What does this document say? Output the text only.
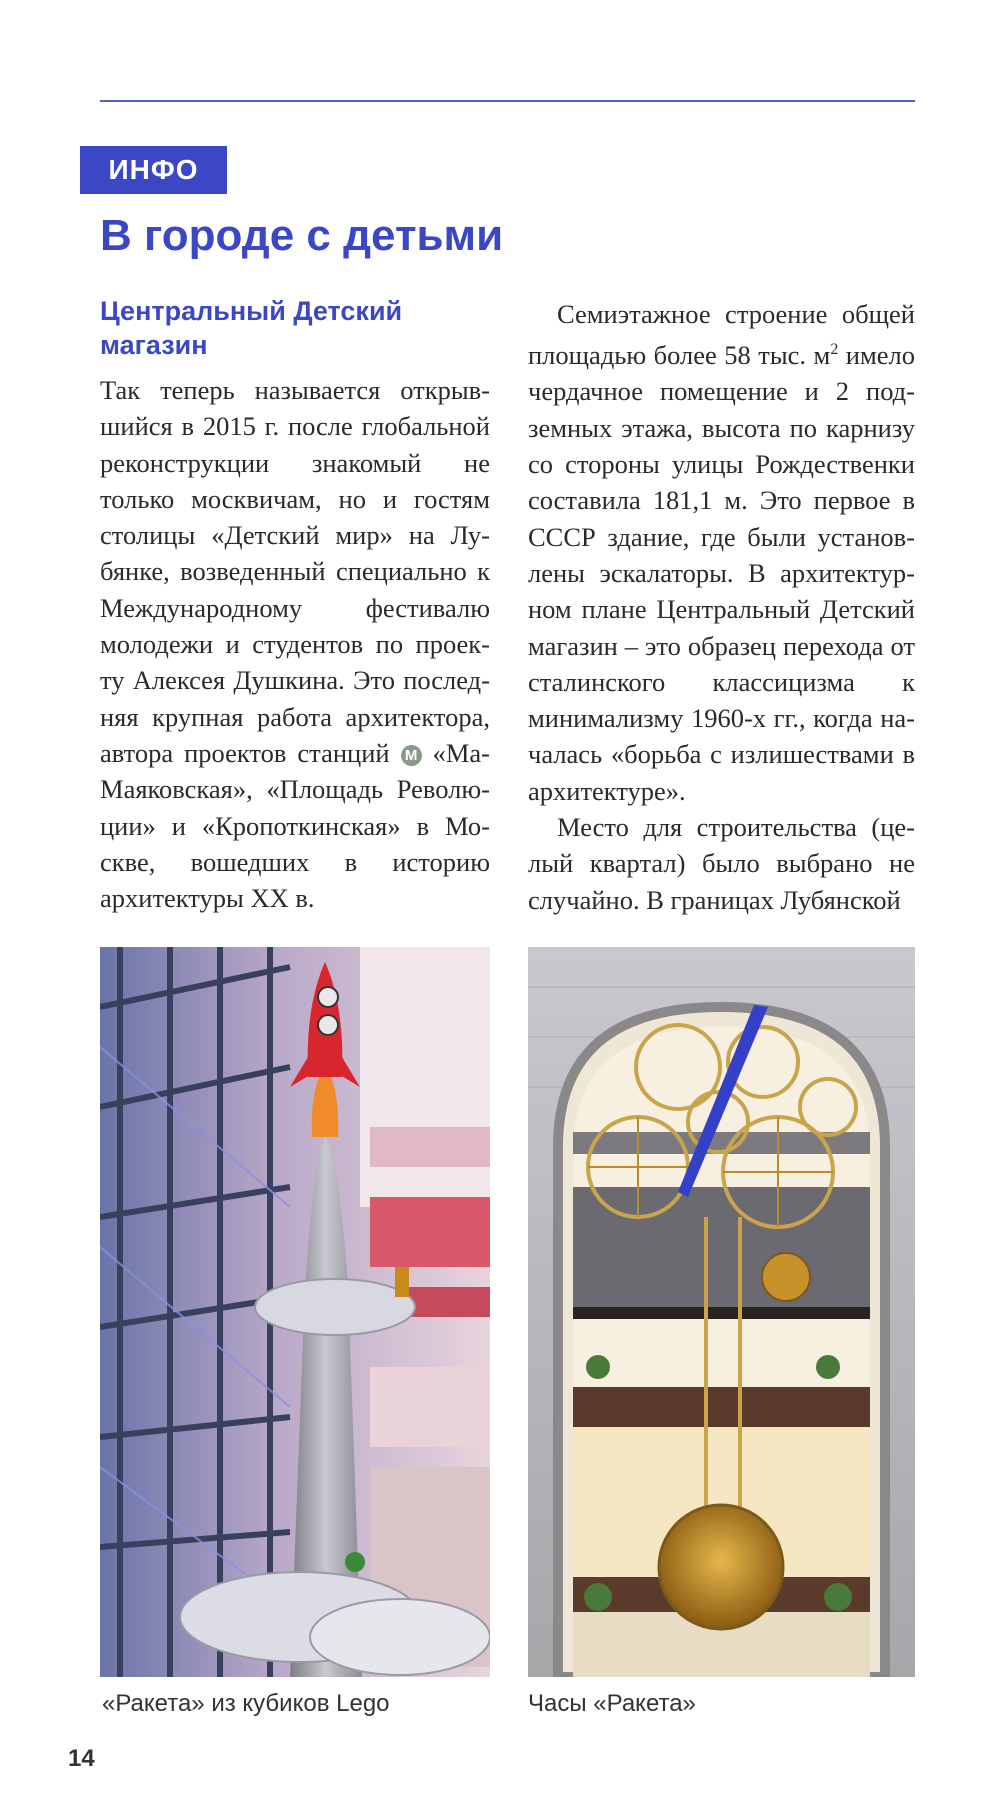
ИНФО
В городе с детьми
Центральный Детский магазин

Так теперь называется открыв- шийся в 2015 г. после глобальной реконструкции знакомый не только москвичам, но и гостям столицы «Детский мир» на Лу- бянке, возведенный специально к Международному фестивалю молодежи и студентов по проек- ту Алексея Душкина. Это послед- няя крупная работа архитектора, автора проектов станций M «Ма- Маяковская», «Площадь Револю- ции» и «Кропоткинская» в Мо- скве, вошедших в историю архитектуры XX в.

Семиэтажное строение общей площадью более 58 тыс. $м^2$ имело чердачное помещение и 2 под- земных этажа, высота по карнизу со стороны улицы Рождественки составила 181,1 м. Это первое в СССР здание, где были установ- лены эскалаторы. В архитектур- ном плане Центральный Детский магазин – это образец перехода от сталинского классицизма к минимализму 1960-х гг., когда на- чалась «борьба с излишествами в архитектуре».

Место для строительства (це- лый квартал) было выбрано не случайно. В границах Лубянской

«Ракета» из кубиков Lego	Часы «Ракета»
14
